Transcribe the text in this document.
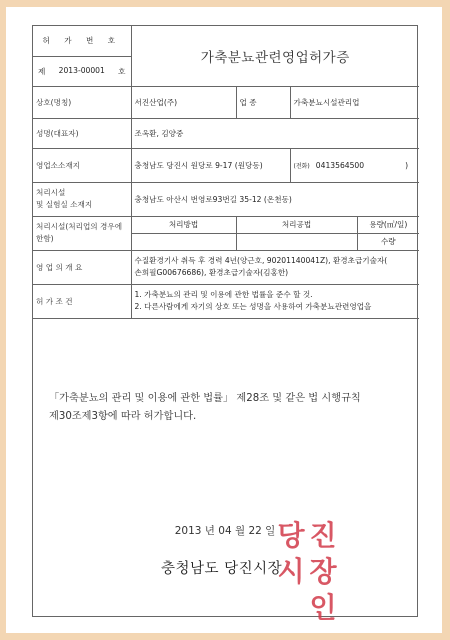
허 가 번 호	가축분뇨관련영업허가증			

제 2013-00001 호				

상호(명칭)	서진산업(주)	업 종	가축분뇨시설관리업	
성명(대표자)	조옥환, 김양중			
영업소소재지	충청남도 당진시 원당로 9-17 (원당동)		(전화) 0413564500 )	

처리시설
및 실험실 소재지	충청남도 아산시 번영로93번길 35-12 (온천동)			
처리시설(처리업의 경우에 한함)	처리방법	처리공법		용량(㎥/일)
				수량
영 업 의 개 요	수질환경기사 취득 후 경력 4년(양근호, 90201140041Z), 환경초급기술자(
손희필G00676686), 환경초급기술자(김홍한)			

허 가 조 건	1. 가축분뇨의 관리 및 이용에 관한 법률을 준수 할 것.
2. 다른사람에게 자기의 상호 또는 성명을 사용하여 가축분뇨관련영업을			
「가축분뇨의 관리 및 이용에 관한 법률」 제28조 및 같은 법 시행규칙
제30조제3항에 따라 허가합니다.
2013 년 04 월 22 일 당 진
시 장인
충청남도 당진시장
